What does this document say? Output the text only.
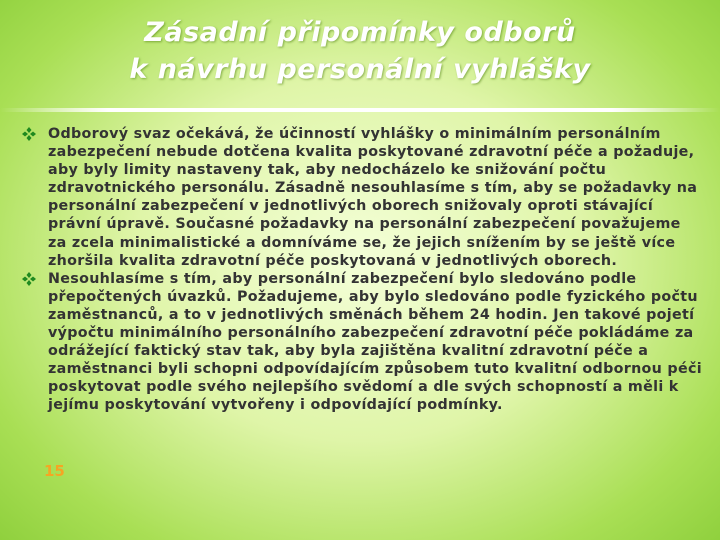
Zásadní připomínky odborů
k návrhu personální vyhlášky
Odborový svaz očekává, že účinností vyhlášky o minimálním personálním zabezpečení nebude dotčena kvalita poskytované zdravotní péče a požaduje, aby byly limity nastaveny tak, aby nedocházelo ke snižování počtu zdravotnického personálu. Zásadně nesouhlasíme s tím, aby se požadavky na personální zabezpečení v jednotlivých oborech snižovaly oproti stávající právní úpravě. Současné požadavky na personální zabezpečení považujeme za zcela minimalistické a domníváme se, že jejich snížením by se ještě více zhoršila kvalita zdravotní péče poskytovaná v jednotlivých oborech.
Nesouhlasíme s tím, aby personální zabezpečení bylo sledováno podle přepočtených úvazků. Požadujeme, aby bylo sledováno podle fyzického počtu zaměstnanců, a to v jednotlivých směnách během 24 hodin. Jen takové pojetí výpočtu minimálního personálního zabezpečení zdravotní péče pokládáme za odrážející faktický stav tak, aby byla zajištěna kvalitní zdravotní péče a zaměstnanci byli schopni odpovídajícím způsobem tuto kvalitní odbornou péči poskytovat podle svého nejlepšího svědomí a dle svých schopností a měli k jejímu poskytování vytvořeny i odpovídající podmínky.
15
